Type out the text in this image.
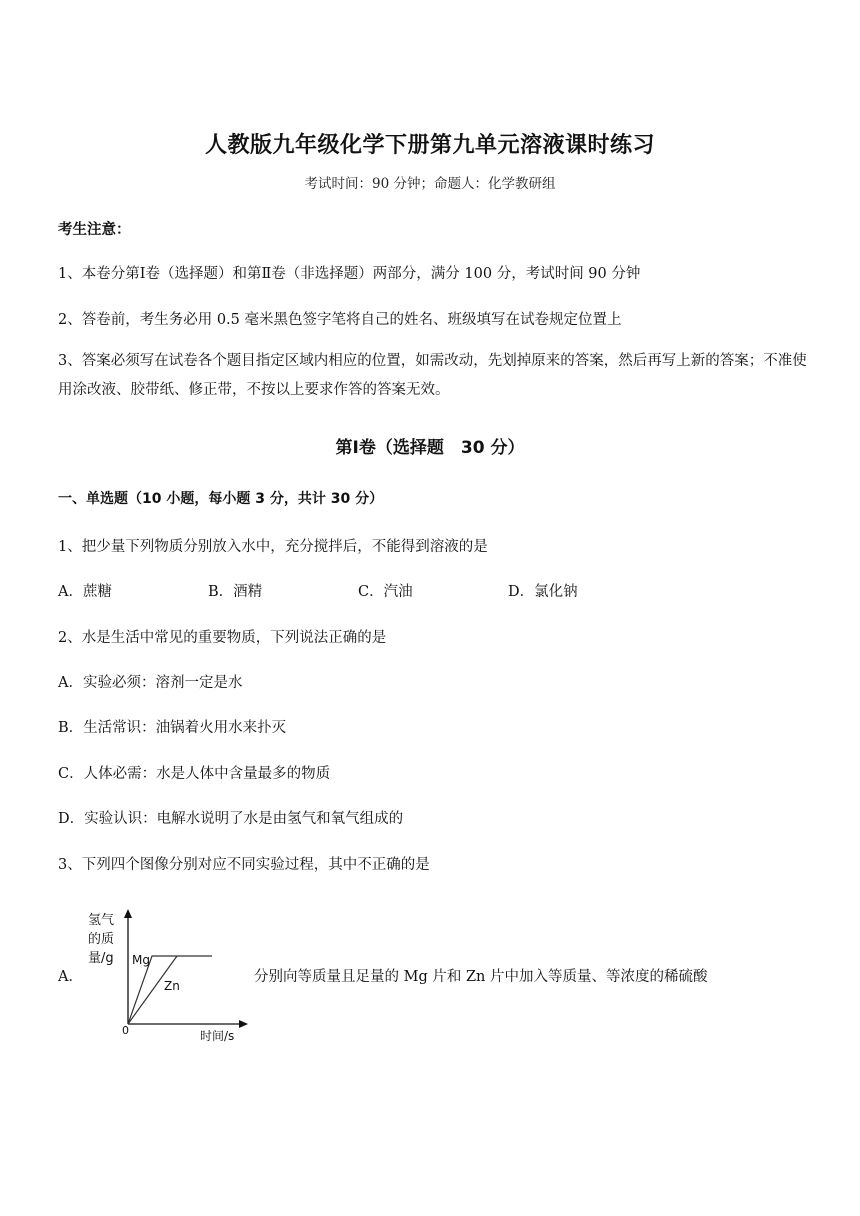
人教版九年级化学下册第九单元溶液课时练习
考试时间：90 分钟；命题人：化学教研组
考生注意：
1、本卷分第Ⅰ卷（选择题）和第Ⅱ卷（非选择题）两部分，满分 100 分，考试时间 90 分钟
2、答卷前，考生务必用 0.5 毫米黑色签字笔将自己的姓名、班级填写在试卷规定位置上
3、答案必须写在试卷各个题目指定区域内相应的位置，如需改动，先划掉原来的答案，然后再写上新的答案；不准使用涂改液、胶带纸、修正带，不按以上要求作答的答案无效。
第Ⅰ卷（选择题　30 分）
一、单选题（10 小题，每小题 3 分，共计 30 分）
1、把少量下列物质分别放入水中，充分搅拌后，不能得到溶液的是
A．蔗糖	B．酒精	C．汽油	D．氯化钠
2、水是生活中常见的重要物质，下列说法正确的是
A．实验必须：溶剂一定是水
B．生活常识：油锅着火用水来扑灭
C．人体必需：水是人体中含量最多的物质
D．实验认识：电解水说明了水是由氢气和氧气组成的
3、下列四个图像分别对应不同实验过程，其中不正确的是
A．	分别向等质量且足量的 Mg 片和 Zn 片中加入等质量、等浓度的稀硫酸
氢气
的质
量/g Mg
Zn
0	时间/s
